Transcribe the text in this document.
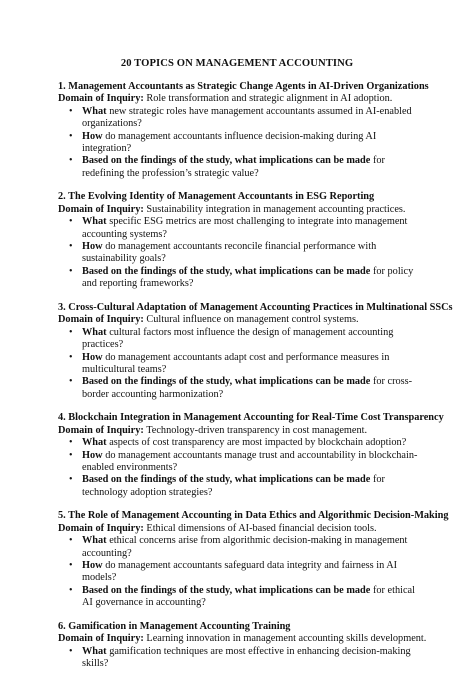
20 TOPICS ON MANAGEMENT ACCOUNTING
1. Management Accountants as Strategic Change Agents in AI-Driven Organizations
Domain of Inquiry: Role transformation and strategic alignment in AI adoption.
• What new strategic roles have management accountants assumed in AI-enabled organizations?
• How do management accountants influence decision-making during AI integration?
• Based on the findings of the study, what implications can be made for redefining the profession’s strategic value?
2. The Evolving Identity of Management Accountants in ESG Reporting
Domain of Inquiry: Sustainability integration in management accounting practices.
• What specific ESG metrics are most challenging to integrate into management accounting systems?
• How do management accountants reconcile financial performance with sustainability goals?
• Based on the findings of the study, what implications can be made for policy and reporting frameworks?
3. Cross-Cultural Adaptation of Management Accounting Practices in Multinational SSCs
Domain of Inquiry: Cultural influence on management control systems.
• What cultural factors most influence the design of management accounting practices?
• How do management accountants adapt cost and performance measures in multicultural teams?
• Based on the findings of the study, what implications can be made for cross-border accounting harmonization?
4. Blockchain Integration in Management Accounting for Real-Time Cost Transparency
Domain of Inquiry: Technology-driven transparency in cost management.
• What aspects of cost transparency are most impacted by blockchain adoption?
• How do management accountants manage trust and accountability in blockchain-enabled environments?
• Based on the findings of the study, what implications can be made for technology adoption strategies?
5. The Role of Management Accounting in Data Ethics and Algorithmic Decision-Making
Domain of Inquiry: Ethical dimensions of AI-based financial decision tools.
• What ethical concerns arise from algorithmic decision-making in management accounting?
• How do management accountants safeguard data integrity and fairness in AI models?
• Based on the findings of the study, what implications can be made for ethical AI governance in accounting?
6. Gamification in Management Accounting Training
Domain of Inquiry: Learning innovation in management accounting skills development.
• What gamification techniques are most effective in enhancing decision-making skills?
